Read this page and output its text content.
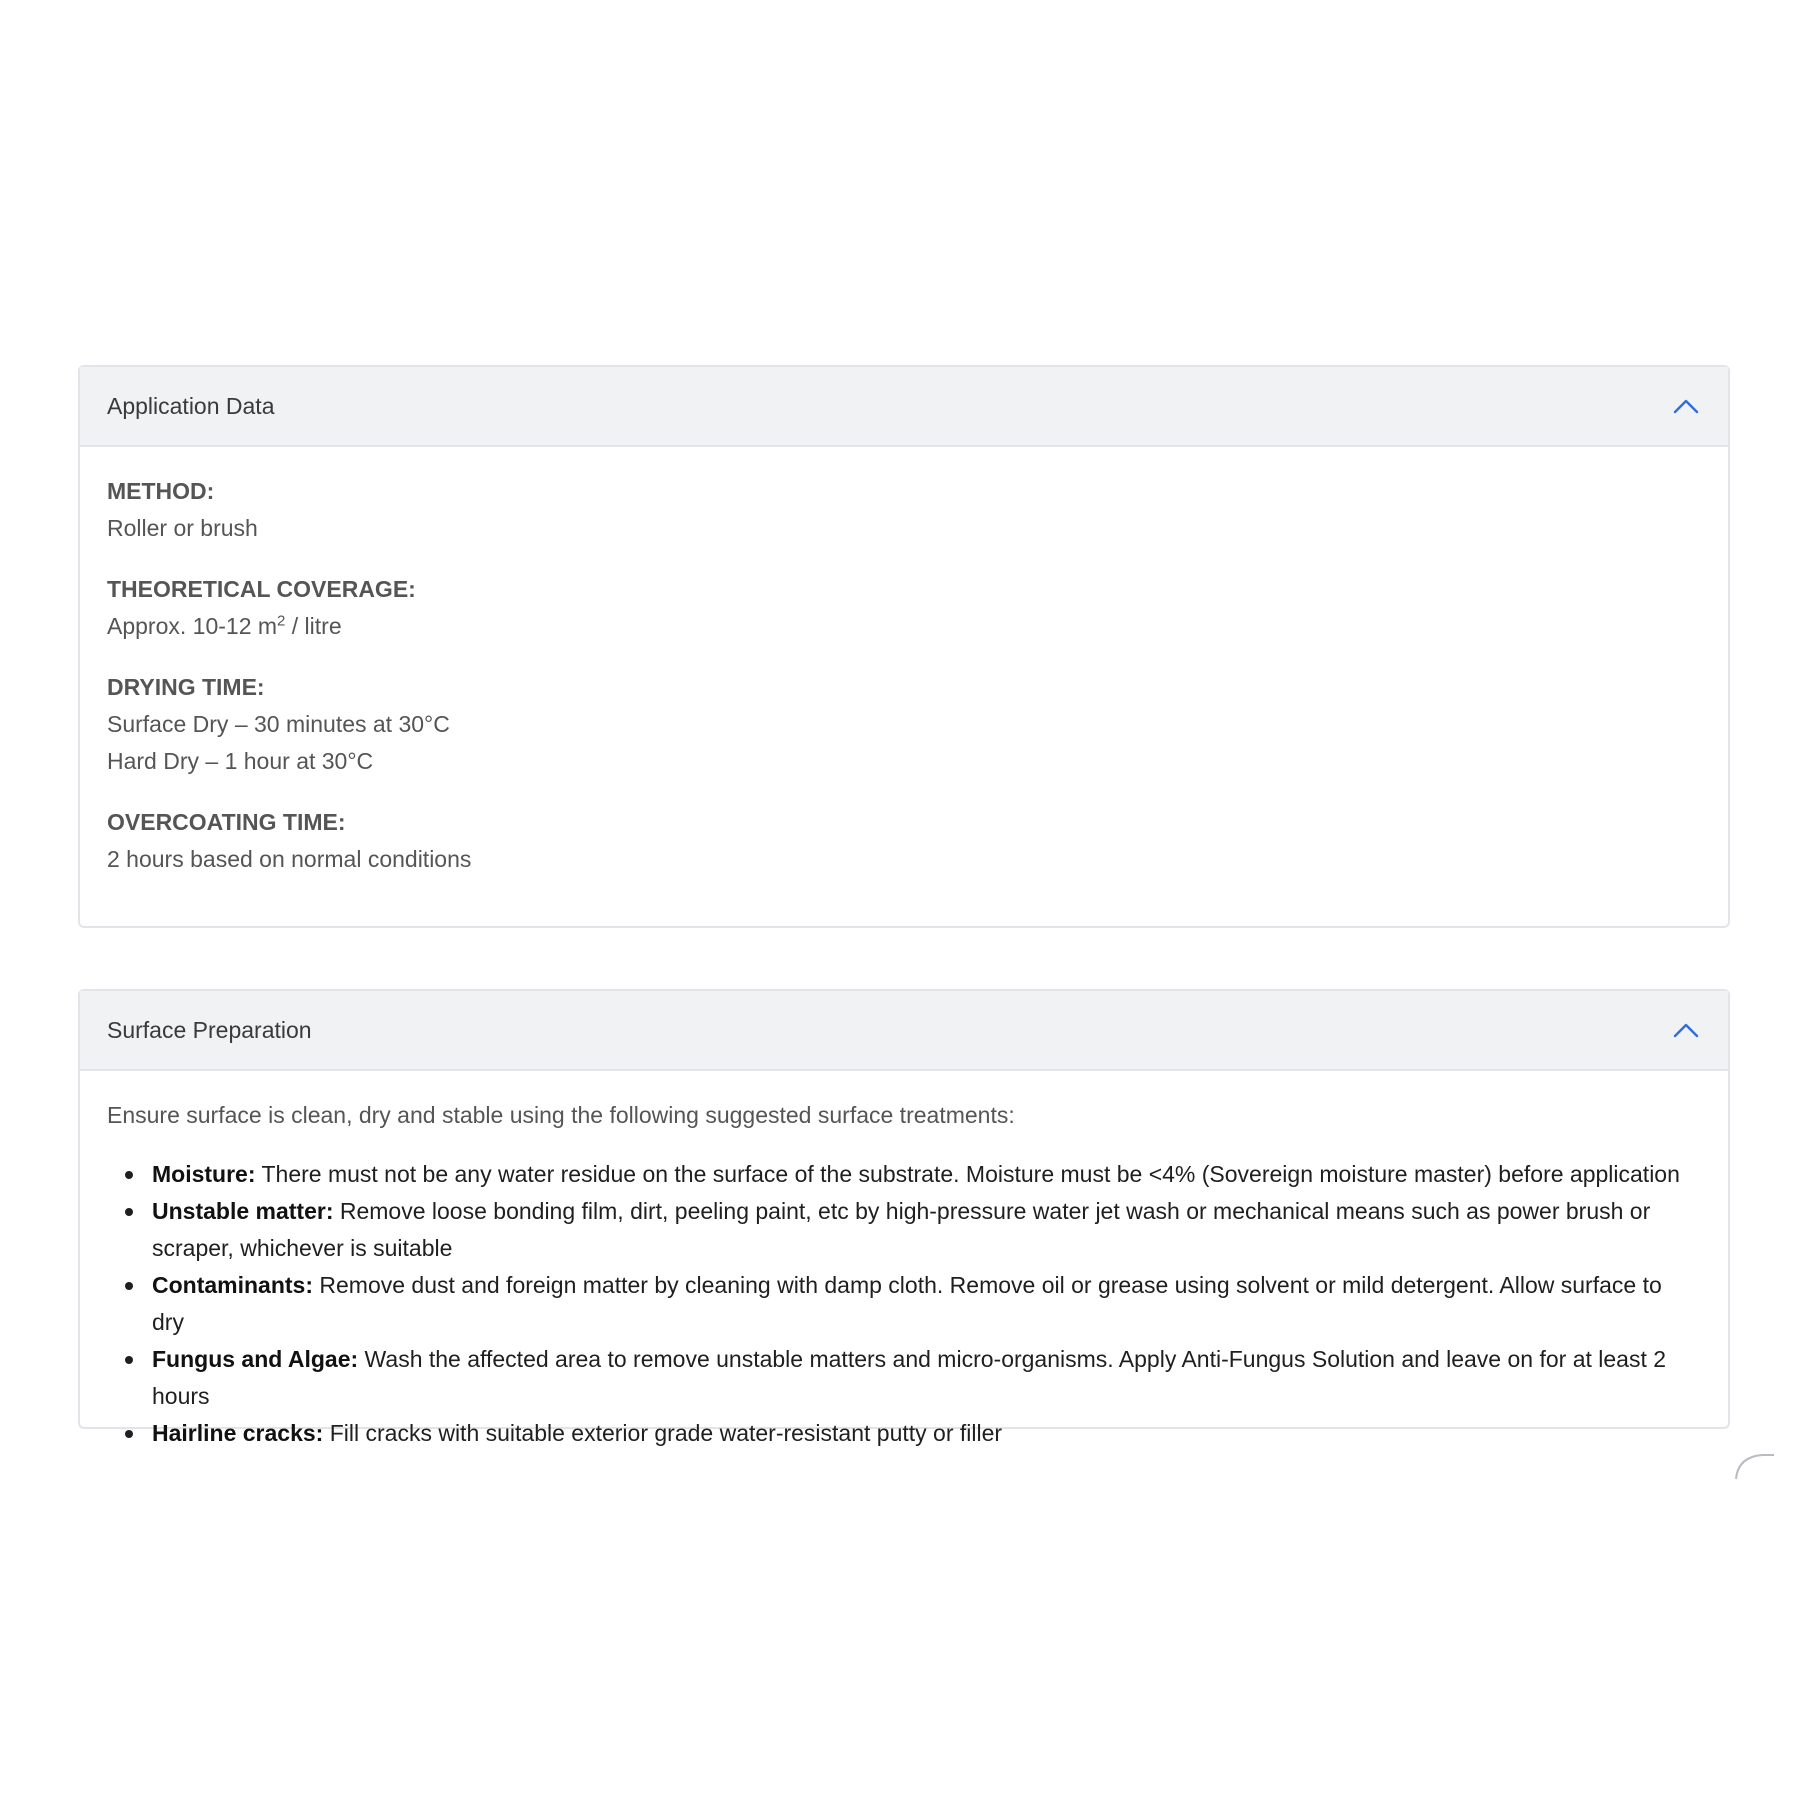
Application Data
METHOD:
Roller or brush
THEORETICAL COVERAGE:
Approx. 10-12 $m^2$ / litre
DRYING TIME:
Surface Dry – 30 minutes at 30°C
Hard Dry – 1 hour at 30°C
OVERCOATING TIME:
2 hours based on normal conditions
Surface Preparation

Ensure surface is clean, dry and stable using the following suggested surface treatments:

Moisture: There must not be any water residue on the surface of the substrate. Moisture must be <4% (Sovereign moisture master) before application
Unstable matter: Remove loose bonding film, dirt, peeling paint, etc by high-pressure water jet wash or mechanical means such as power brush or scraper, whichever is suitable
Contaminants: Remove dust and foreign matter by cleaning with damp cloth. Remove oil or grease using solvent or mild detergent. Allow surface to dry
Fungus and Algae: Wash the affected area to remove unstable matters and micro-organisms. Apply Anti-Fungus Solution and leave on for at least 2 hours
Hairline cracks: Fill cracks with suitable exterior grade water-resistant putty or filler
